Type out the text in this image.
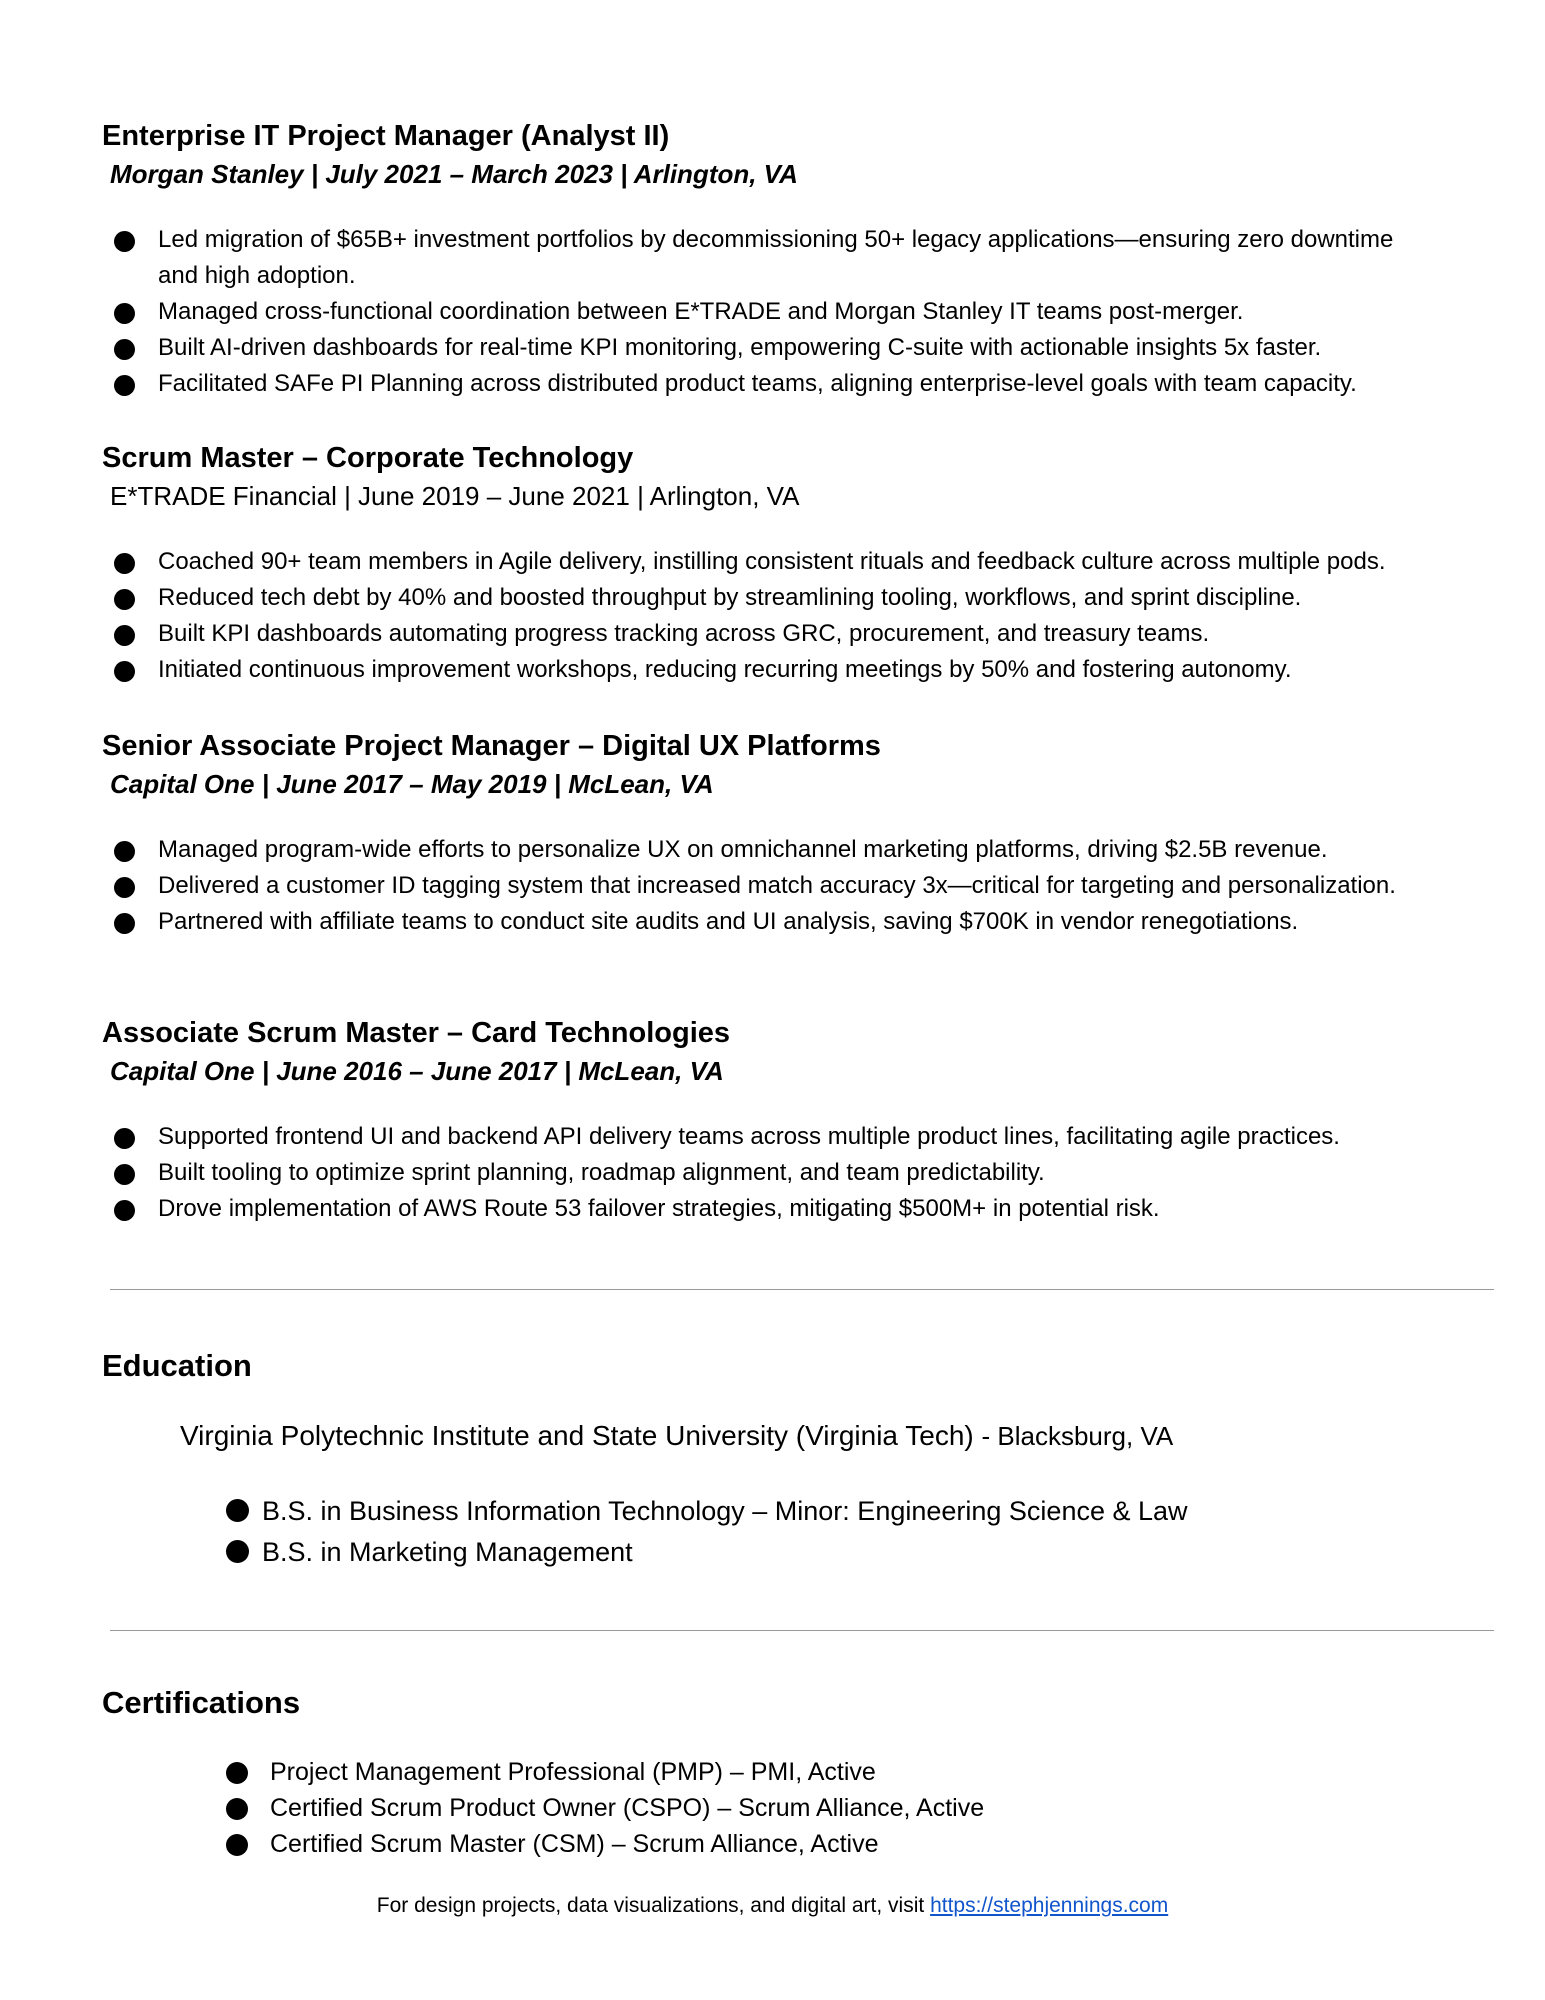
Enterprise IT Project Manager (Analyst II)

Morgan Stanley | July 2021 – March 2023 | Arlington, VA

Led migration of $65B+ investment portfolios by decommissioning 50+ legacy applications—ensuring zero downtime and high adoption.
Managed cross-functional coordination between E*TRADE and Morgan Stanley IT teams post-merger.
Built AI-driven dashboards for real-time KPI monitoring, empowering C-suite with actionable insights 5x faster.
Facilitated SAFe PI Planning across distributed product teams, aligning enterprise-level goals with team capacity.
Scrum Master – Corporate Technology

E*TRADE Financial | June 2019 – June 2021 | Arlington, VA

Coached 90+ team members in Agile delivery, instilling consistent rituals and feedback culture across multiple pods.
Reduced tech debt by 40% and boosted throughput by streamlining tooling, workflows, and sprint discipline.
Built KPI dashboards automating progress tracking across GRC, procurement, and treasury teams.
Initiated continuous improvement workshops, reducing recurring meetings by 50% and fostering autonomy.
Senior Associate Project Manager – Digital UX Platforms

Capital One | June 2017 – May 2019 | McLean, VA

Managed program-wide efforts to personalize UX on omnichannel marketing platforms, driving $2.5B revenue.
Delivered a customer ID tagging system that increased match accuracy 3x—critical for targeting and personalization.
Partnered with affiliate teams to conduct site audits and UI analysis, saving $700K in vendor renegotiations.
Associate Scrum Master – Card Technologies

Capital One | June 2016 – June 2017 | McLean, VA

Supported frontend UI and backend API delivery teams across multiple product lines, facilitating agile practices.
Built tooling to optimize sprint planning, roadmap alignment, and team predictability.
Drove implementation of AWS Route 53 failover strategies, mitigating $500M+ in potential risk.
Education
Virginia Polytechnic Institute and State University (Virginia Tech) - Blacksburg, VA
B.S. in Business Information Technology – Minor: Engineering Science & Law
B.S. in Marketing Management
Certifications
Project Management Professional (PMP) – PMI, Active
Certified Scrum Product Owner (CSPO) – Scrum Alliance, Active
Certified Scrum Master (CSM) – Scrum Alliance, Active
For design projects, data visualizations, and digital art, visit https://stephjennings.com
